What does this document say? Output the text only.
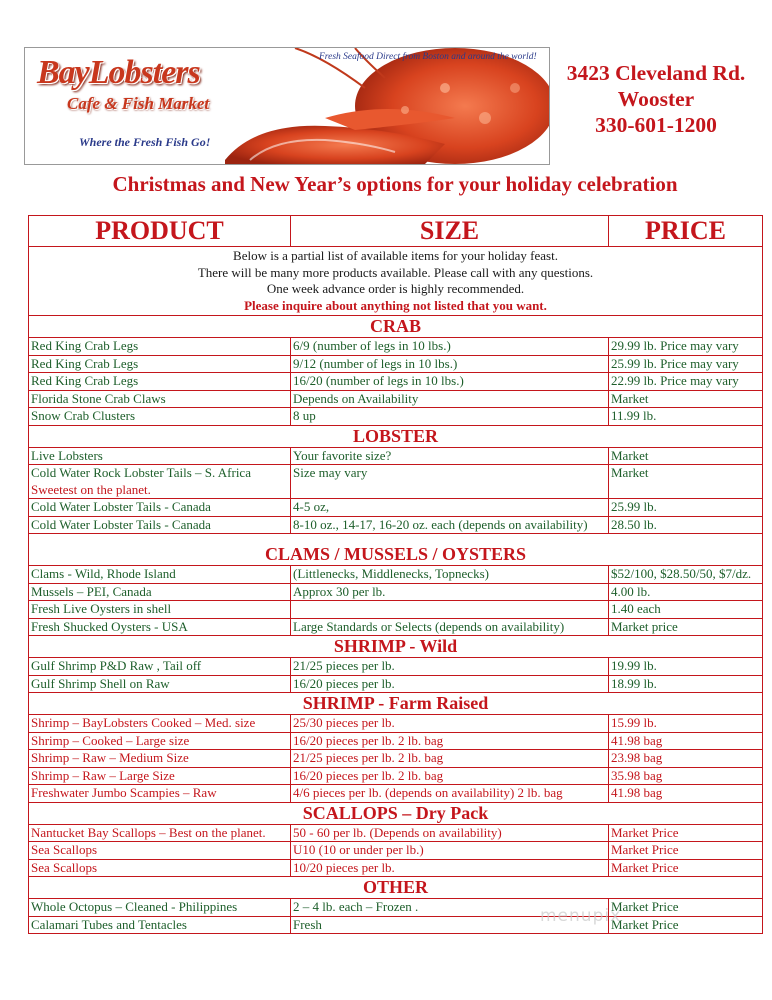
Fresh Seafood Direct from Boston and around the world!
BayLobsters
Cafe & Fish Market
Where the Fresh Fish Go!
3423 Cleveland Rd.
Wooster
330-601-1200
Christmas and New Year’s options for your holiday celebration
PRODUCT	SIZE	PRICE

Below is a partial list of available items for your holiday feast.
There will be many more products available. Please call with any questions.
One week advance order is highly recommended.
Please inquire about anything not listed that you want.		

CRAB		

Red King Crab Legs	6/9 (number of legs in 10 lbs.)	29.99 lb. Price may vary

Red King Crab Legs	9/12 (number of legs in 10 lbs.)	25.99 lb. Price may vary

Red King Crab Legs	16/20 (number of legs in 10 lbs.)	22.99 lb. Price may vary

Florida Stone Crab Claws	Depends on Availability	Market

Snow Crab Clusters	8 up	11.99 lb.
LOBSTER		

Live Lobsters	Your favorite size?	Market

Cold Water Rock Lobster Tails – S. Africa
Sweetest on the planet.	Size may vary	Market

Cold Water Lobster Tails - Canada	4-5 oz,	25.99 lb.

Cold Water Lobster Tails - Canada	8-10 oz., 14-17, 16-20 oz. each (depends on availability)	28.50 lb.
CLAMS / MUSSELS / OYSTERS		

Clams - Wild, Rhode Island	(Littlenecks, Middlenecks, Topnecks)	$52/100, $28.50/50, $7/dz.

Mussels – PEI, Canada	Approx 30 per lb.	4.00 lb.

Fresh Live Oysters in shell		1.40 each

Fresh Shucked Oysters - USA	Large Standards or Selects (depends on availability)	Market price
SHRIMP - Wild		

Gulf Shrimp P&D Raw , Tail off	21/25 pieces per lb.	19.99 lb.

Gulf Shrimp Shell on Raw	16/20 pieces per lb.	18.99 lb.
SHRIMP - Farm Raised		

Shrimp – BayLobsters Cooked – Med. size	25/30 pieces per lb.	15.99 lb.

Shrimp – Cooked – Large size	16/20 pieces per lb. 2 lb. bag	41.98 bag

Shrimp – Raw – Medium Size	21/25 pieces per lb. 2 lb. bag	23.98 bag

Shrimp – Raw – Large Size	16/20 pieces per lb. 2 lb. bag	35.98 bag

Freshwater Jumbo Scampies – Raw	4/6 pieces per lb. (depends on availability) 2 lb. bag	41.98 bag
SCALLOPS – Dry Pack		

Nantucket Bay Scallops – Best on the planet.	50 - 60 per lb. (Depends on availability)	Market Price

Sea Scallops	U10 (10 or under per lb.)	Market Price

Sea Scallops	10/20 pieces per lb.	Market Price
OTHER		

Whole Octopus – Cleaned - Philippines	2 – 4 lb. each – Frozen .	Market Price

Calamari Tubes and Tentacles	Fresh	Market Price
menupix
